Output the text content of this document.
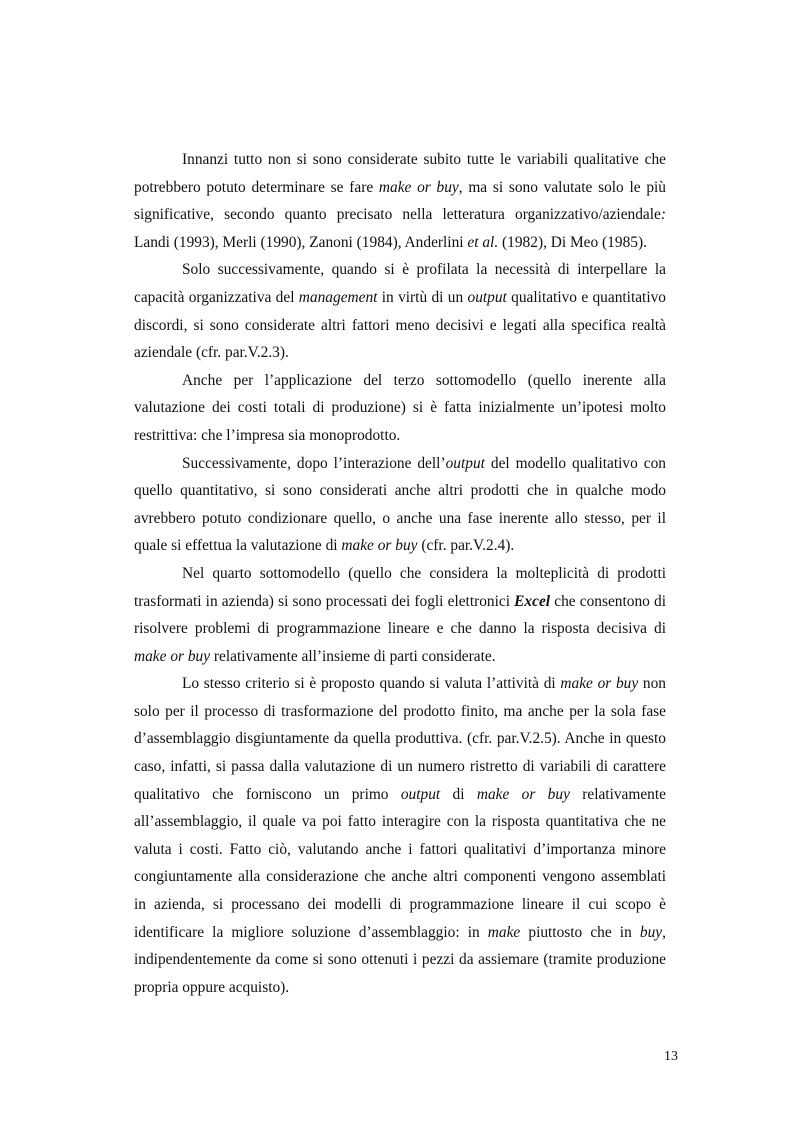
Innanzi tutto non si sono considerate subito tutte le variabili qualitative che potrebbero potuto determinare se fare make or buy, ma si sono valutate solo le più significative, secondo quanto precisato nella letteratura organizzativo/aziendale: Landi (1993), Merli (1990), Zanoni (1984), Anderlini et al. (1982), Di Meo (1985).

Solo successivamente, quando si è profilata la necessità di interpellare la capacità organizzativa del management in virtù di un output qualitativo e quantitativo discordi, si sono considerate altri fattori meno decisivi e legati alla specifica realtà aziendale (cfr. par.V.2.3).

Anche per l’applicazione del terzo sottomodello (quello inerente alla valutazione dei costi totali di produzione) si è fatta inizialmente un’ipotesi molto restrittiva: che l’impresa sia monoprodotto.

Successivamente, dopo l’interazione dell’output del modello qualitativo con quello quantitativo, si sono considerati anche altri prodotti che in qualche modo avrebbero potuto condizionare quello, o anche una fase inerente allo stesso, per il quale si effettua la valutazione di make or buy (cfr. par.V.2.4).

Nel quarto sottomodello (quello che considera la molteplicità di prodotti trasformati in azienda) si sono processati dei fogli elettronici Excel che consentono di risolvere problemi di programmazione lineare e che danno la risposta decisiva di make or buy relativamente all’insieme di parti considerate.

Lo stesso criterio si è proposto quando si valuta l’attività di make or buy non solo per il processo di trasformazione del prodotto finito, ma anche per la sola fase d’assemblaggio disgiuntamente da quella produttiva. (cfr. par.V.2.5). Anche in questo caso, infatti, si passa dalla valutazione di un numero ristretto di variabili di carattere qualitativo che forniscono un primo output di make or buy relativamente all’assemblaggio, il quale va poi fatto interagire con la risposta quantitativa che ne valuta i costi. Fatto ciò, valutando anche i fattori qualitativi d’importanza minore congiuntamente alla considerazione che anche altri componenti vengono assemblati in azienda, si processano dei modelli di programmazione lineare il cui scopo è identificare la migliore soluzione d’assemblaggio: in make piuttosto che in buy, indipendentemente da come si sono ottenuti i pezzi da assiemare (tramite produzione propria oppure acquisto).

13
